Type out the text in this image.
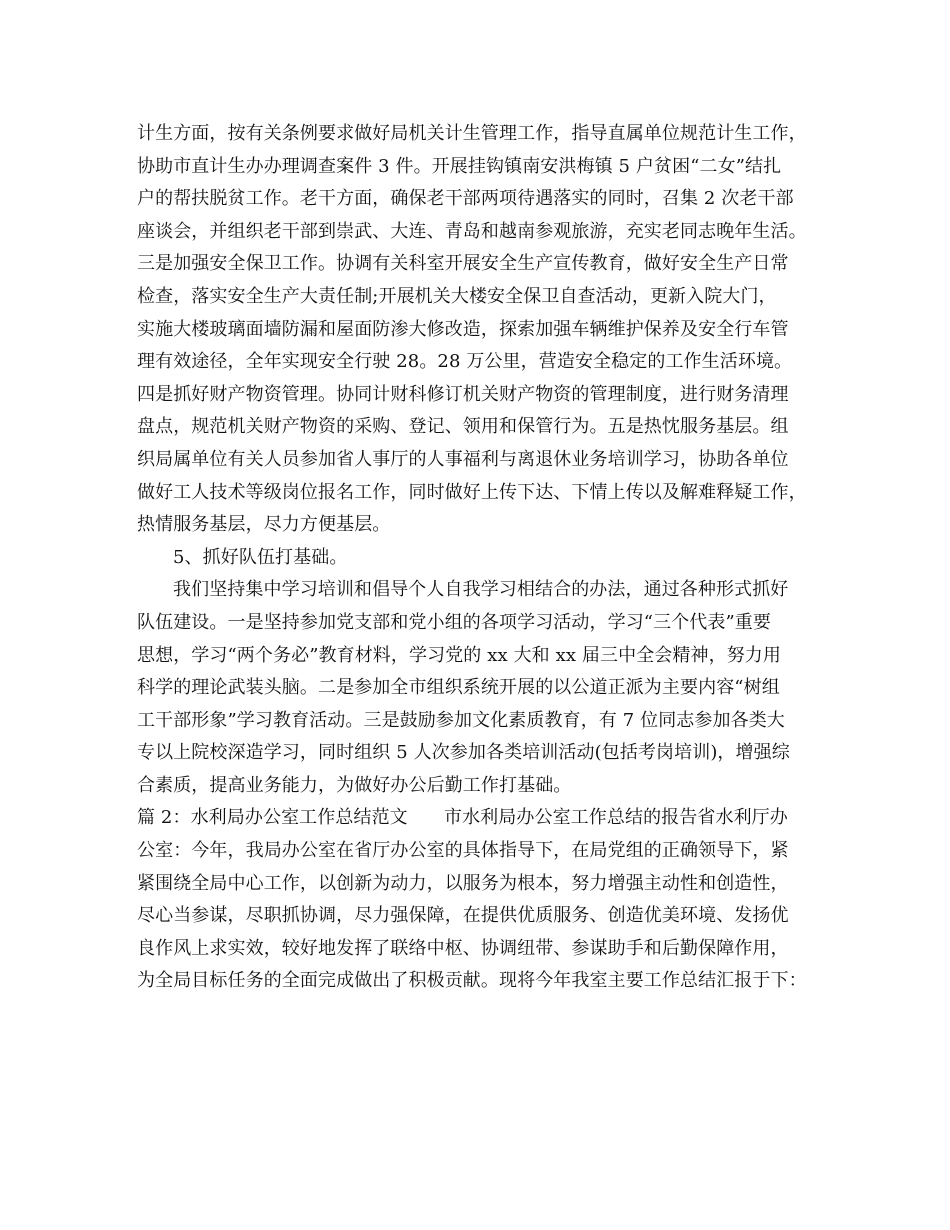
计生方面，按有关条例要求做好局机关计生管理工作，指导直属单位规范计生工作，
协助市直计生办办理调查案件 3 件。开展挂钩镇南安洪梅镇 5 户贫困“二女”结扎
户的帮扶脱贫工作。老干方面，确保老干部两项待遇落实的同时，召集 2 次老干部
座谈会，并组织老干部到崇武、大连、青岛和越南参观旅游，充实老同志晚年生活。
三是加强安全保卫工作。协调有关科室开展安全生产宣传教育，做好安全生产日常
检查，落实安全生产大责任制;开展机关大楼安全保卫自查活动，更新入院大门，
实施大楼玻璃面墙防漏和屋面防渗大修改造，探索加强车辆维护保养及安全行车管
理有效途径，全年实现安全行驶 28。28 万公里，营造安全稳定的工作生活环境。
四是抓好财产物资管理。协同计财科修订机关财产物资的管理制度，进行财务清理
盘点，规范机关财产物资的采购、登记、领用和保管行为。五是热忱服务基层。组
织局属单位有关人员参加省人事厅的人事福利与离退休业务培训学习，协助各单位
做好工人技术等级岗位报名工作，同时做好上传下达、下情上传以及解难释疑工作，
热情服务基层，尽力方便基层。
5、抓好队伍打基础。
我们坚持集中学习培训和倡导个人自我学习相结合的办法，通过各种形式抓好
队伍建设。一是坚持参加党支部和党小组的各项学习活动，学习“三个代表”重要
思想，学习“两个务必”教育材料，学习党的 xx 大和 xx 届三中全会精神，努力用
科学的理论武装头脑。二是参加全市组织系统开展的以公道正派为主要内容“树组
工干部形象”学习教育活动。三是鼓励参加文化素质教育，有 7 位同志参加各类大
专以上院校深造学习，同时组织 5 人次参加各类培训活动(包括考岗培训)，增强综
合素质，提高业务能力，为做好办公后勤工作打基础。
篇 2：水利局办公室工作总结范文　　市水利局办公室工作总结的报告省水利厅办
公室：今年，我局办公室在省厅办公室的具体指导下，在局党组的正确领导下，紧
紧围绕全局中心工作，以创新为动力，以服务为根本，努力增强主动性和创造性，
尽心当参谋，尽职抓协调，尽力强保障，在提供优质服务、创造优美环境、发扬优
良作风上求实效，较好地发挥了联络中枢、协调纽带、参谋助手和后勤保障作用，
为全局目标任务的全面完成做出了积极贡献。现将今年我室主要工作总结汇报于下：
